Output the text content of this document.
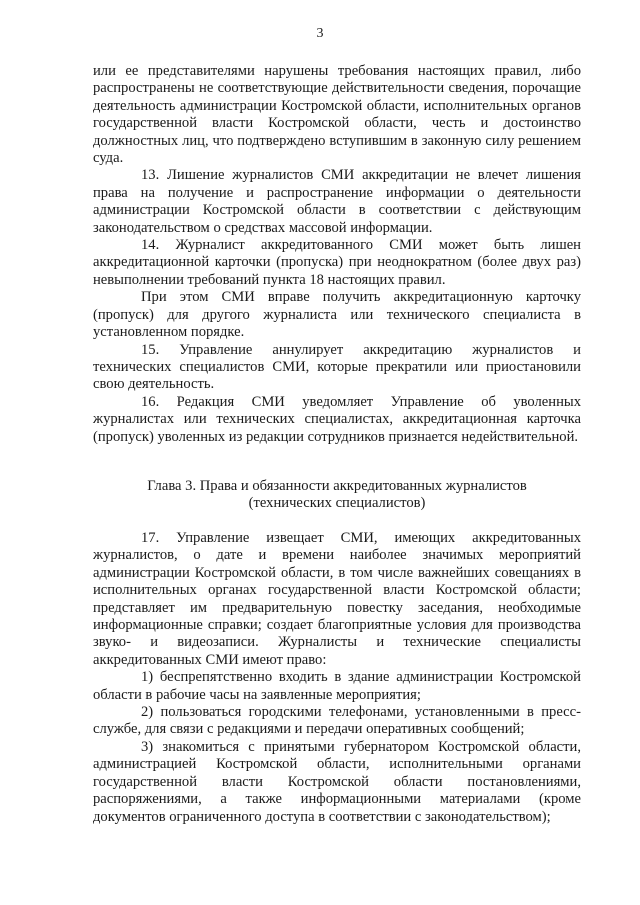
3

или ее представителями нарушены требования настоящих правил, либо распространены не соответствующие действительности сведения, порочащие деятельность администрации Костромской области, исполнительных органов государственной власти Костромской области, честь и достоинство должностных лиц, что подтверждено вступившим в законную силу решением суда.

13. Лишение журналистов СМИ аккредитации не влечет лишения права на получение и распространение информации о деятельности администрации Костромской области в соответствии с действующим законодательством о средствах массовой информации.

14. Журналист аккредитованного СМИ может быть лишен аккредитационной карточки (пропуска) при неоднократном (более двух раз) невыполнении требований пункта 18 настоящих правил.

При этом СМИ вправе получить аккредитационную карточку (пропуск) для другого журналиста или технического специалиста в установленном порядке.

15. Управление аннулирует аккредитацию журналистов и технических специалистов СМИ, которые прекратили или приостановили свою деятельность.

16. Редакция СМИ уведомляет Управление об уволенных журналистах или технических специалистах, аккредитационная карточка (пропуск) уволенных из редакции сотрудников признается недействительной.

Глава 3. Права и обязанности аккредитованных журналистов

(технических специалистов)

17. Управление извещает СМИ, имеющих аккредитованных журналистов, о дате и времени наиболее значимых мероприятий администрации Костромской области, в том числе важнейших совещаниях в исполнительных органах государственной власти Костромской области; представляет им предварительную повестку заседания, необходимые информационные справки; создает благоприятные условия для производства звуко- и видеозаписи. Журналисты и технические специалисты аккредитованных СМИ имеют право:

1) беспрепятственно входить в здание администрации Костромской области в рабочие часы на заявленные мероприятия;

2) пользоваться городскими телефонами, установленными в пресс-службе, для связи с редакциями и передачи оперативных сообщений;

3) знакомиться с принятыми губернатором Костромской области, администрацией Костромской области, исполнительными органами государственной власти Костромской области постановлениями, распоряжениями, а также информационными материалами (кроме документов ограниченного доступа в соответствии с законодательством);
